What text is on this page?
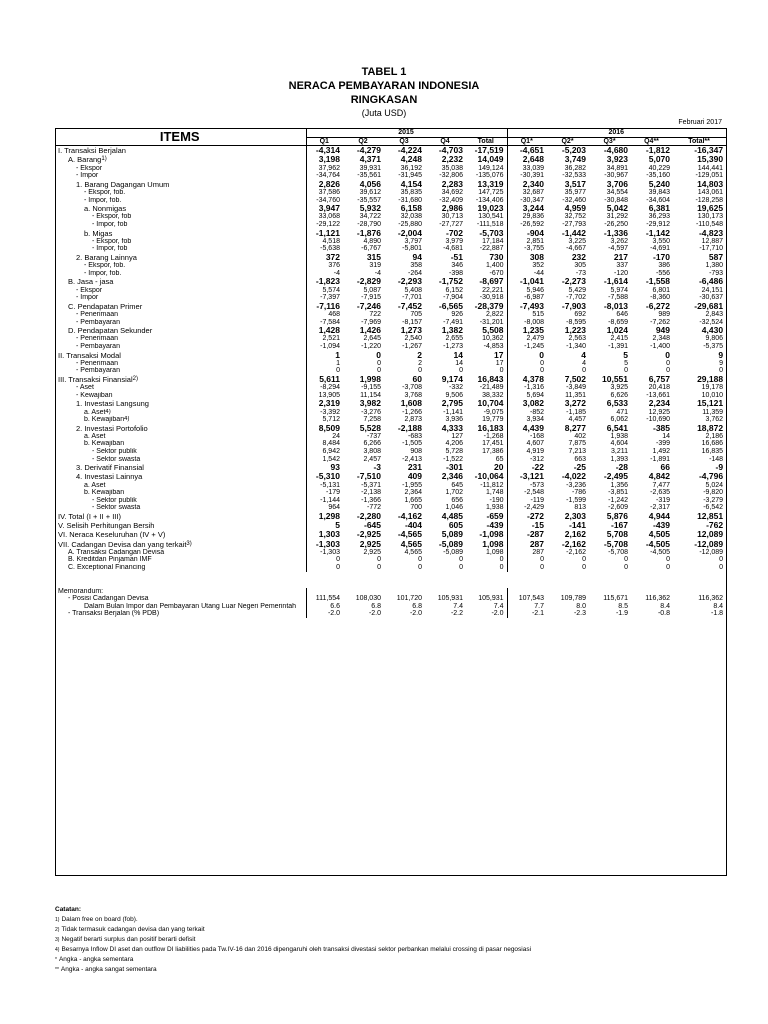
TABEL 1
NERACA PEMBAYARAN INDONESIA
RINGKASAN
(Juta USD)
Februari 2017
ITEMS	2015					2016				
	Q1	Q2	Q3	Q4	Total	Q1*	Q2*	Q3*	Q4**	Total**
I. Transaksi Berjalan	-4,314	-4,279	-4,224	-4,703	-17,519	-4,651	-5,203	-4,680	-1,812	-16,347
A. Barang$^{1)}$	3,198	4,371	4,248	2,232	14,049	2,648	3,749	3,923	5,070	15,390
- Ekspor	37,962	39,931	36,192	35,038	149,124	33,039	36,282	34,891	40,229	144,441
- Impor	-34,764	-35,561	-31,945	-32,806	-135,076	-30,391	-32,533	-30,967	-35,160	-129,051
1. Barang Dagangan Umum	2,826	4,056	4,154	2,283	13,319	2,340	3,517	3,706	5,240	14,803
- Ekspor, fob.	37,586	39,612	35,835	34,692	147,725	32,687	35,977	34,554	39,843	143,061
- Impor, fob.	-34,760	-35,557	-31,680	-32,409	-134,406	-30,347	-32,460	-30,848	-34,604	-128,258
a. Nonmigas	3,947	5,932	6,158	2,986	19,023	3,244	4,959	5,042	6,381	19,625
- Ekspor, fob	33,068	34,722	32,038	30,713	130,541	29,836	32,752	31,292	36,293	130,173
- Impor, fob	-29,122	-28,790	-25,880	-27,727	-111,518	-26,592	-27,793	-26,250	-29,912	-110,548
b. Migas	-1,121	-1,876	-2,004	-702	-5,703	-904	-1,442	-1,336	-1,142	-4,823
- Ekspor, fob	4,518	4,890	3,797	3,979	17,184	2,851	3,225	3,262	3,550	12,887
- Impor, fob	-5,638	-6,767	-5,801	-4,681	-22,887	-3,755	-4,667	-4,597	-4,691	-17,710
2. Barang Lainnya	372	315	94	-51	730	308	232	217	-170	587
- Ekspor, fob.	376	319	358	346	1,400	352	305	337	386	1,380
- Impor, fob.	-4	-4	-264	-398	-670	-44	-73	-120	-556	-793
B. Jasa - jasa	-1,823	-2,829	-2,293	-1,752	-8,697	-1,041	-2,273	-1,614	-1,558	-6,486
- Ekspor	5,574	5,087	5,408	6,152	22,221	5,946	5,429	5,974	6,801	24,151
- Impor	-7,397	-7,915	-7,701	-7,904	-30,918	-6,987	-7,702	-7,588	-8,360	-30,637
C. Pendapatan Primer	-7,116	-7,246	-7,452	-6,565	-28,379	-7,493	-7,903	-8,013	-6,272	-29,681
- Penerimaan	468	722	705	926	2,822	515	692	646	989	2,843
- Pembayaran	-7,584	-7,969	-8,157	-7,491	-31,201	-8,008	-8,595	-8,659	-7,262	-32,524
D. Pendapatan Sekunder	1,428	1,426	1,273	1,382	5,508	1,235	1,223	1,024	949	4,430
- Penerimaan	2,521	2,645	2,540	2,655	10,362	2,479	2,563	2,415	2,348	9,806
- Pembayaran	-1,094	-1,220	-1,267	-1,273	-4,853	-1,245	-1,340	-1,391	-1,400	-5,375
II. Transaksi Modal	1	0	2	14	17	0	4	5	0	9
- Penerimaan	1	0	2	14	17	0	4	5	0	9
- Pembayaran	0	0	0	0	0	0	0	0	0	0
III. Transaksi Finansial$^{2)}$	5,611	1,998	60	9,174	16,843	4,378	7,502	10,551	6,757	29,188
- Aset	-8,294	-9,155	-3,708	-332	-21,489	-1,316	-3,849	3,925	20,418	19,178
- Kewajiban	13,905	11,154	3,768	9,506	38,332	5,694	11,351	6,626	-13,661	10,010
1. Investasi Langsung	2,319	3,982	1,608	2,795	10,704	3,082	3,272	6,533	2,234	15,121
a. Aset4)	-3,392	-3,276	-1,266	-1,141	-9,075	-852	-1,185	471	12,925	11,359
b. Kewajiban4)	5,712	7,258	2,873	3,936	19,779	3,934	4,457	6,062	-10,690	3,762
2. Investasi Portofolio	8,509	5,528	-2,188	4,333	16,183	4,439	8,277	6,541	-385	18,872
a. Aset	24	-737	-683	127	-1,268	-168	402	1,938	14	2,186
b. Kewajiban	8,484	6,266	-1,505	4,206	17,451	4,607	7,875	4,604	-399	16,686
- Sektor publik	6,942	3,808	908	5,728	17,386	4,919	7,213	3,211	1,492	16,835
- Sektor swasta	1,542	2,457	-2,413	-1,522	65	-312	663	1,393	-1,891	-148
3. Derivatif Finansial	93	-3	231	-301	20	-22	-25	-28	66	-9
4. Investasi Lainnya	-5,310	-7,510	409	2,346	-10,064	-3,121	-4,022	-2,495	4,842	-4,796
a. Aset	-5,131	-5,371	-1,955	645	-11,812	-573	-3,236	1,356	7,477	5,024
b. Kewajiban	-179	-2,138	2,364	1,702	1,748	-2,548	-786	-3,851	-2,635	-9,820
- Sektor publik	-1,144	-1,366	1,665	656	-190	-119	-1,599	-1,242	-319	-3,279
- Sektor swasta	964	-772	700	1,046	1,938	-2,429	813	-2,609	-2,317	-6,542
IV. Total (I + II + III)	1,298	-2,280	-4,162	4,485	-659	-272	2,303	5,876	4,944	12,851
V. Selisih Perhitungan Bersih	5	-645	-404	605	-439	-15	-141	-167	-439	-762
VI. Neraca Keseluruhan (IV + V)	1,303	-2,925	-4,565	5,089	-1,098	-287	2,162	5,708	4,505	12,089
VII. Cadangan Devisa dan yang terkait$^{3)}$	-1,303	2,925	4,565	-5,089	1,098	287	-2,162	-5,708	-4,505	-12,089
A. Transaksi Cadangan Devisa	-1,303	2,925	4,565	-5,089	1,098	287	-2,162	-5,708	-4,505	-12,089
B. Kreditdan Pinjaman IMF	0	0	0	0	0	0	0	0	0	0
C. Exceptional Financing	0	0	0	0	0	0	0	0	0	0

Memorandum:										
- Posisi Cadangan Devisa	111,554	108,030	101,720	105,931	105,931	107,543	109,789	115,671	116,362	116,362
Dalam Bulan Impor dan Pembayaran Utang Luar Negeri Pemerintah	6.6	6.8	6.8	7.4	7.4	7.7	8.0	8.5	8.4	8.4
- Transaksi Berjalan (% PDB)	-2.0	-2.0	-2.0	-2.2	-2.0	-2.1	-2.3	-1.9	-0.8	-1.8
Catatan:
$^{1)}$ Dalam free on board (fob).
$^{2)}$ Tidak termasuk cadangan devisa dan yang terkait
$^{3)}$ Negatif berarti surplus dan positif berarti defisit
$^{4)}$ Besarnya Inflow DI aset dan outflow DI liabilities pada Tw.IV-16 dan 2016 dipengaruhi oleh transaksi divestasi sektor perbankan melalui crossing di pasar negosiasi
* Angka - angka sementara
** Angka - angka sangat sementara
